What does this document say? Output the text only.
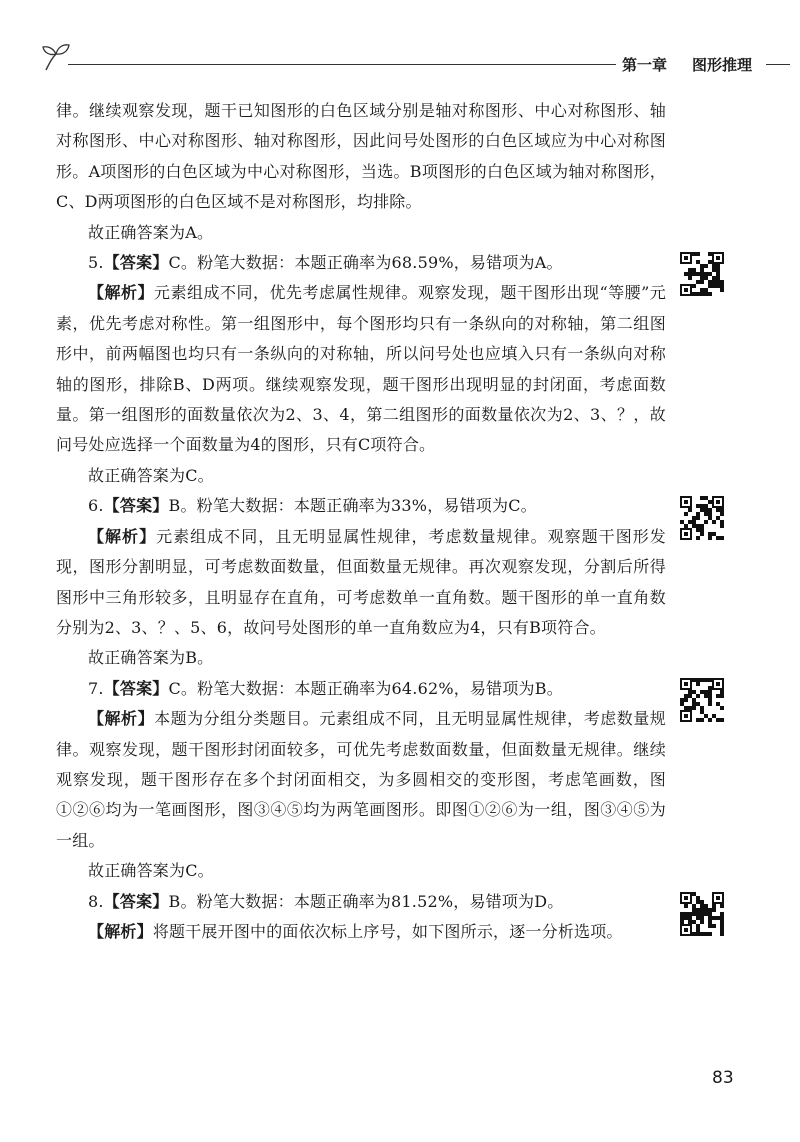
第一章 图形推理

律。继续观察发现，题干已知图形的白色区域分别是轴对称图形、中心对称图形、轴对称图形、中心对称图形、轴对称图形，因此问号处图形的白色区域应为中心对称图形。A项图形的白色区域为中心对称图形，当选。B项图形的白色区域为轴对称图形，C、D两项图形的白色区域不是对称图形，均排除。

故正确答案为A。

5.【答案】C。粉笔大数据：本题正确率为68.59%，易错项为A。

【解析】元素组成不同，优先考虑属性规律。观察发现，题干图形出现“等腰”元素，优先考虑对称性。第一组图形中，每个图形均只有一条纵向的对称轴，第二组图形中，前两幅图也均只有一条纵向的对称轴，所以问号处也应填入只有一条纵向对称轴的图形，排除B、D两项。继续观察发现，题干图形出现明显的封闭面，考虑面数量。第一组图形的面数量依次为2、3、4，第二组图形的面数量依次为2、3、？，故问号处应选择一个面数量为4的图形，只有C项符合。

故正确答案为C。

6.【答案】B。粉笔大数据：本题正确率为33%，易错项为C。

【解析】元素组成不同，且无明显属性规律，考虑数量规律。观察题干图形发现，图形分割明显，可考虑数面数量，但面数量无规律。再次观察发现，分割后所得图形中三角形较多，且明显存在直角，可考虑数单一直角数。题干图形的单一直角数分别为2、3、？、5、6，故问号处图形的单一直角数应为4，只有B项符合。

故正确答案为B。

7.【答案】C。粉笔大数据：本题正确率为64.62%，易错项为B。

【解析】本题为分组分类题目。元素组成不同，且无明显属性规律，考虑数量规律。观察发现，题干图形封闭面较多，可优先考虑数面数量，但面数量无规律。继续观察发现，题干图形存在多个封闭面相交，为多圆相交的变形图，考虑笔画数，图①②⑥均为一笔画图形，图③④⑤均为两笔画图形。即图①②⑥为一组，图③④⑤为一组。

故正确答案为C。

8.【答案】B。粉笔大数据：本题正确率为81.52%，易错项为D。

【解析】将题干展开图中的面依次标上序号，如下图所示，逐一分析选项。

83
